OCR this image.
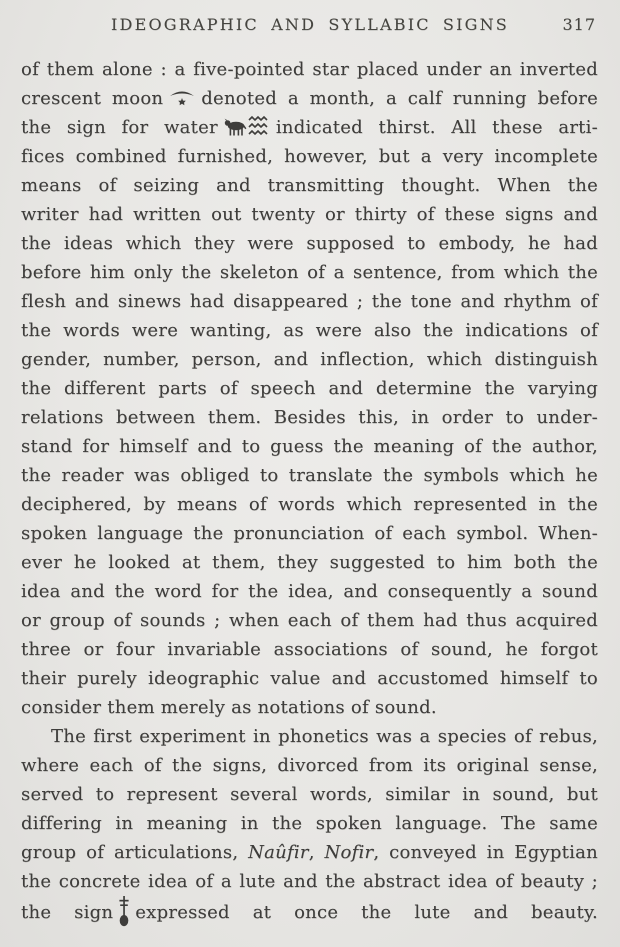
IDEOGRAPHIC AND SYLLABIC SIGNS	317
of them alone : a five-pointed star placed under an inverted
crescent moon denoted a month, a calf running before
the sign for water	indicated thirst. All these arti-
fices combined furnished, however, but a very incomplete
means of seizing and transmitting thought. When the
writer had written out twenty or thirty of these signs and
the ideas which they were supposed to embody, he had
before him only the skeleton of a sentence, from which the
flesh and sinews had disappeared ; the tone and rhythm of
the words were wanting, as were also the indications of
gender, number, person, and inflection, which distinguish
the different parts of speech and determine the varying
relations between them. Besides this, in order to under-
stand for himself and to guess the meaning of the author,
the reader was obliged to translate the symbols which he
deciphered, by means of words which represented in the
spoken language the pronunciation of each symbol. When-
ever he looked at them, they suggested to him both the
idea and the word for the idea, and consequently a sound
or group of sounds ; when each of them had thus acquired
three or four invariable associations of sound, he forgot
their purely ideographic value and accustomed himself to
consider them merely as notations of sound.
The first experiment in phonetics was a species of rebus,
where each of the signs, divorced from its original sense,
served to represent several words, similar in sound, but
differing in meaning in the spoken language. The same
group of articulations, Naûfir, Nofir, conveyed in Egyptian
the concrete idea of a lute and the abstract idea of beauty ;
the sign expressed at once the lute and beauty.
